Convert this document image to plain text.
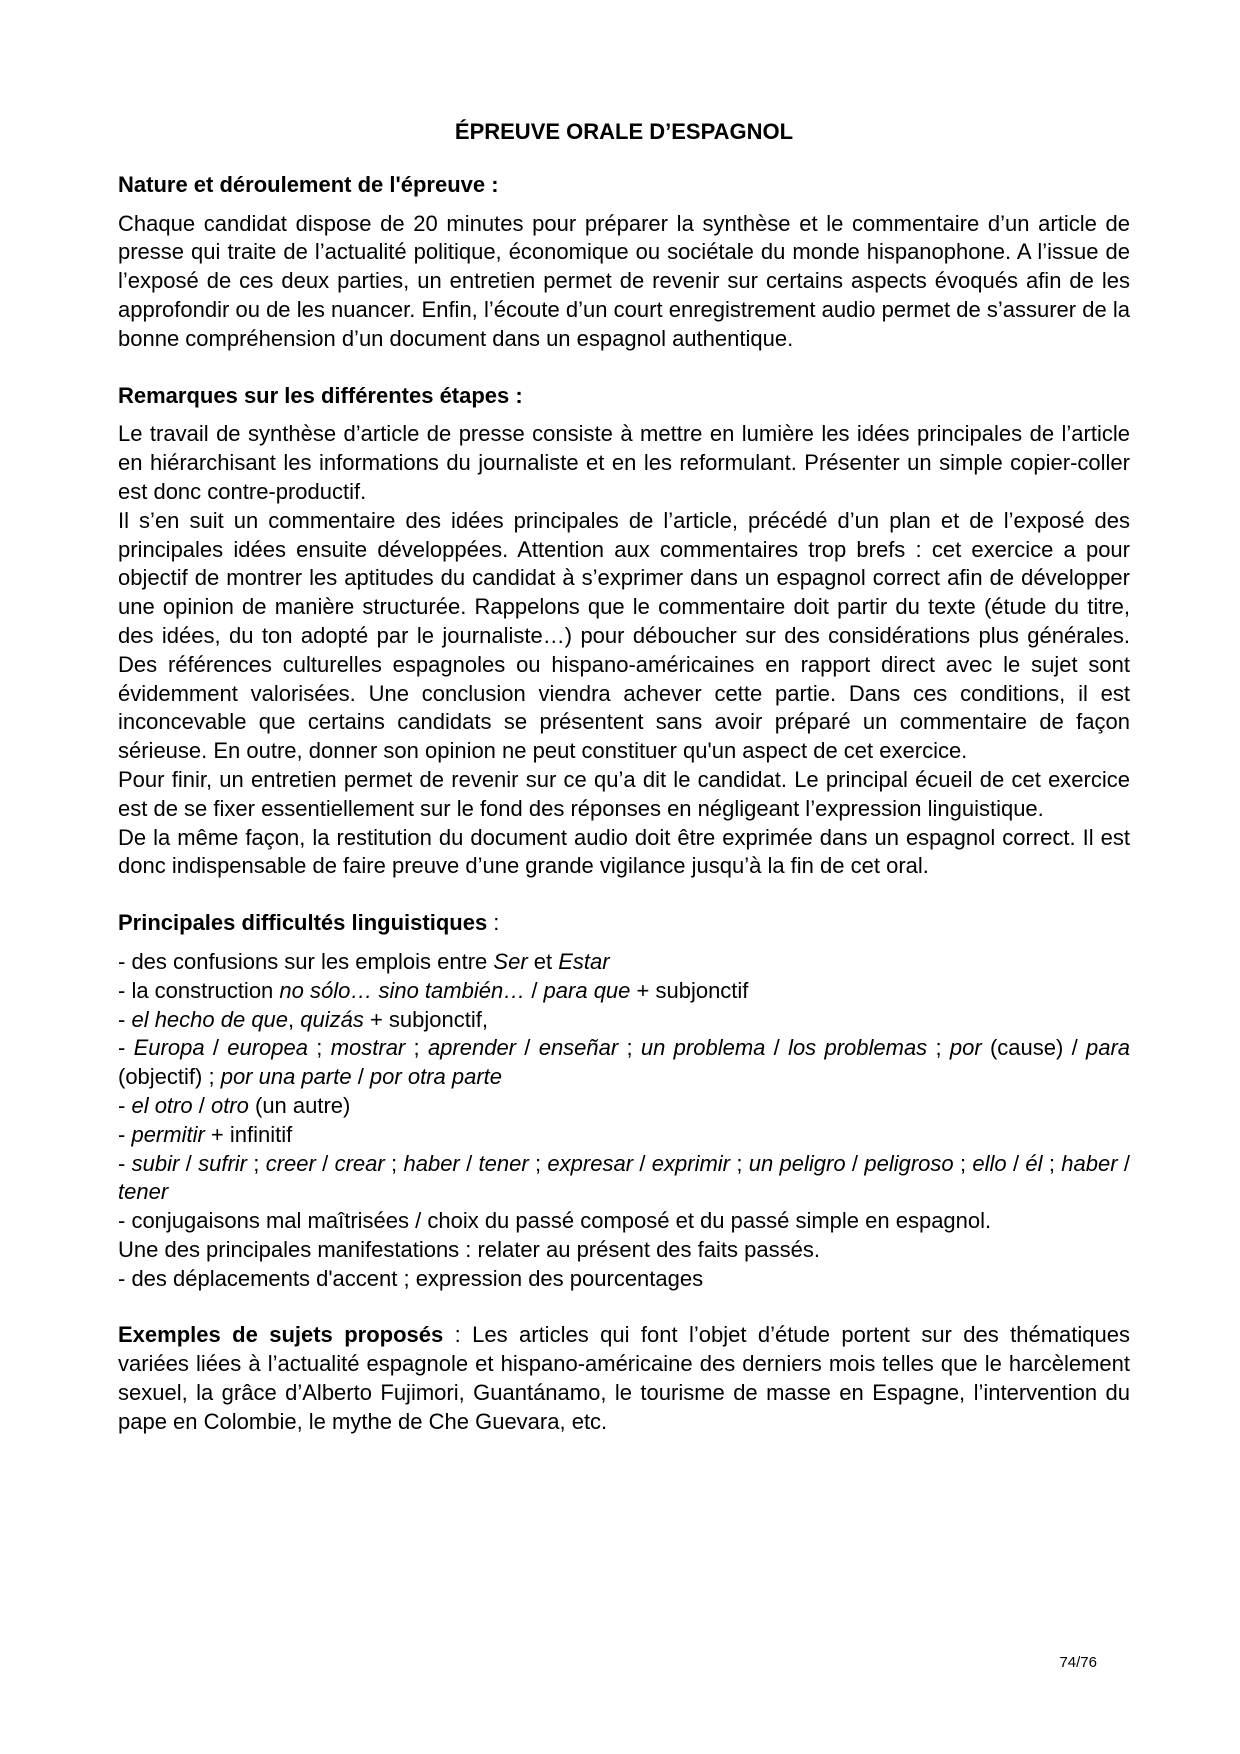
ÉPREUVE ORALE D’ESPAGNOL
Nature et déroulement de l'épreuve :

Chaque candidat dispose de 20 minutes pour préparer la synthèse et le commentaire d’un article de presse qui traite de l’actualité politique, économique ou sociétale du monde hispanophone. A l’issue de l’exposé de ces deux parties, un entretien permet de revenir sur certains aspects évoqués afin de les approfondir ou de les nuancer. Enfin, l’écoute d’un court enregistrement audio permet de s’assurer de la bonne compréhension d’un document dans un espagnol authentique.

Remarques sur les différentes étapes :

Le travail de synthèse d’article de presse consiste à mettre en lumière les idées principales de l’article en hiérarchisant les informations du journaliste et en les reformulant. Présenter un simple copier-coller est donc contre-productif.

Il s’en suit un commentaire des idées principales de l’article, précédé d’un plan et de l’exposé des principales idées ensuite développées. Attention aux commentaires trop brefs : cet exercice a pour objectif de montrer les aptitudes du candidat à s’exprimer dans un espagnol correct afin de développer une opinion de manière structurée. Rappelons que le commentaire doit partir du texte (étude du titre, des idées, du ton adopté par le journaliste…) pour déboucher sur des considérations plus générales. Des références culturelles espagnoles ou hispano-américaines en rapport direct avec le sujet sont évidemment valorisées. Une conclusion viendra achever cette partie. Dans ces conditions, il est inconcevable que certains candidats se présentent sans avoir préparé un commentaire de façon sérieuse. En outre, donner son opinion ne peut constituer qu'un aspect de cet exercice.

Pour finir, un entretien permet de revenir sur ce qu’a dit le candidat. Le principal écueil de cet exercice est de se fixer essentiellement sur le fond des réponses en négligeant l’expression linguistique.

De la même façon, la restitution du document audio doit être exprimée dans un espagnol correct. Il est donc indispensable de faire preuve d’une grande vigilance jusqu’à la fin de cet oral.

Principales difficultés linguistiques :

- des confusions sur les emplois entre Ser et Estar

- la construction no sólo… sino también… / para que + subjonctif

- el hecho de que, quizás + subjonctif,

- Europa / europea ; mostrar ; aprender / enseñar ; un problema / los problemas ; por (cause) / para (objectif) ; por una parte / por otra parte

- el otro / otro (un autre)

- permitir + infinitif

- subir / sufrir ; creer / crear ; haber / tener ; expresar / exprimir ; un peligro / peligroso ; ello / él ; haber / tener

- conjugaisons mal maîtrisées / choix du passé composé et du passé simple en espagnol.

Une des principales manifestations : relater au présent des faits passés.

- des déplacements d'accent ; expression des pourcentages

Exemples de sujets proposés : Les articles qui font l’objet d’étude portent sur des thématiques variées liées à l’actualité espagnole et hispano-américaine des derniers mois telles que le harcèlement sexuel, la grâce d’Alberto Fujimori, Guantánamo, le tourisme de masse en Espagne, l’intervention du pape en Colombie, le mythe de Che Guevara, etc.

74/76
